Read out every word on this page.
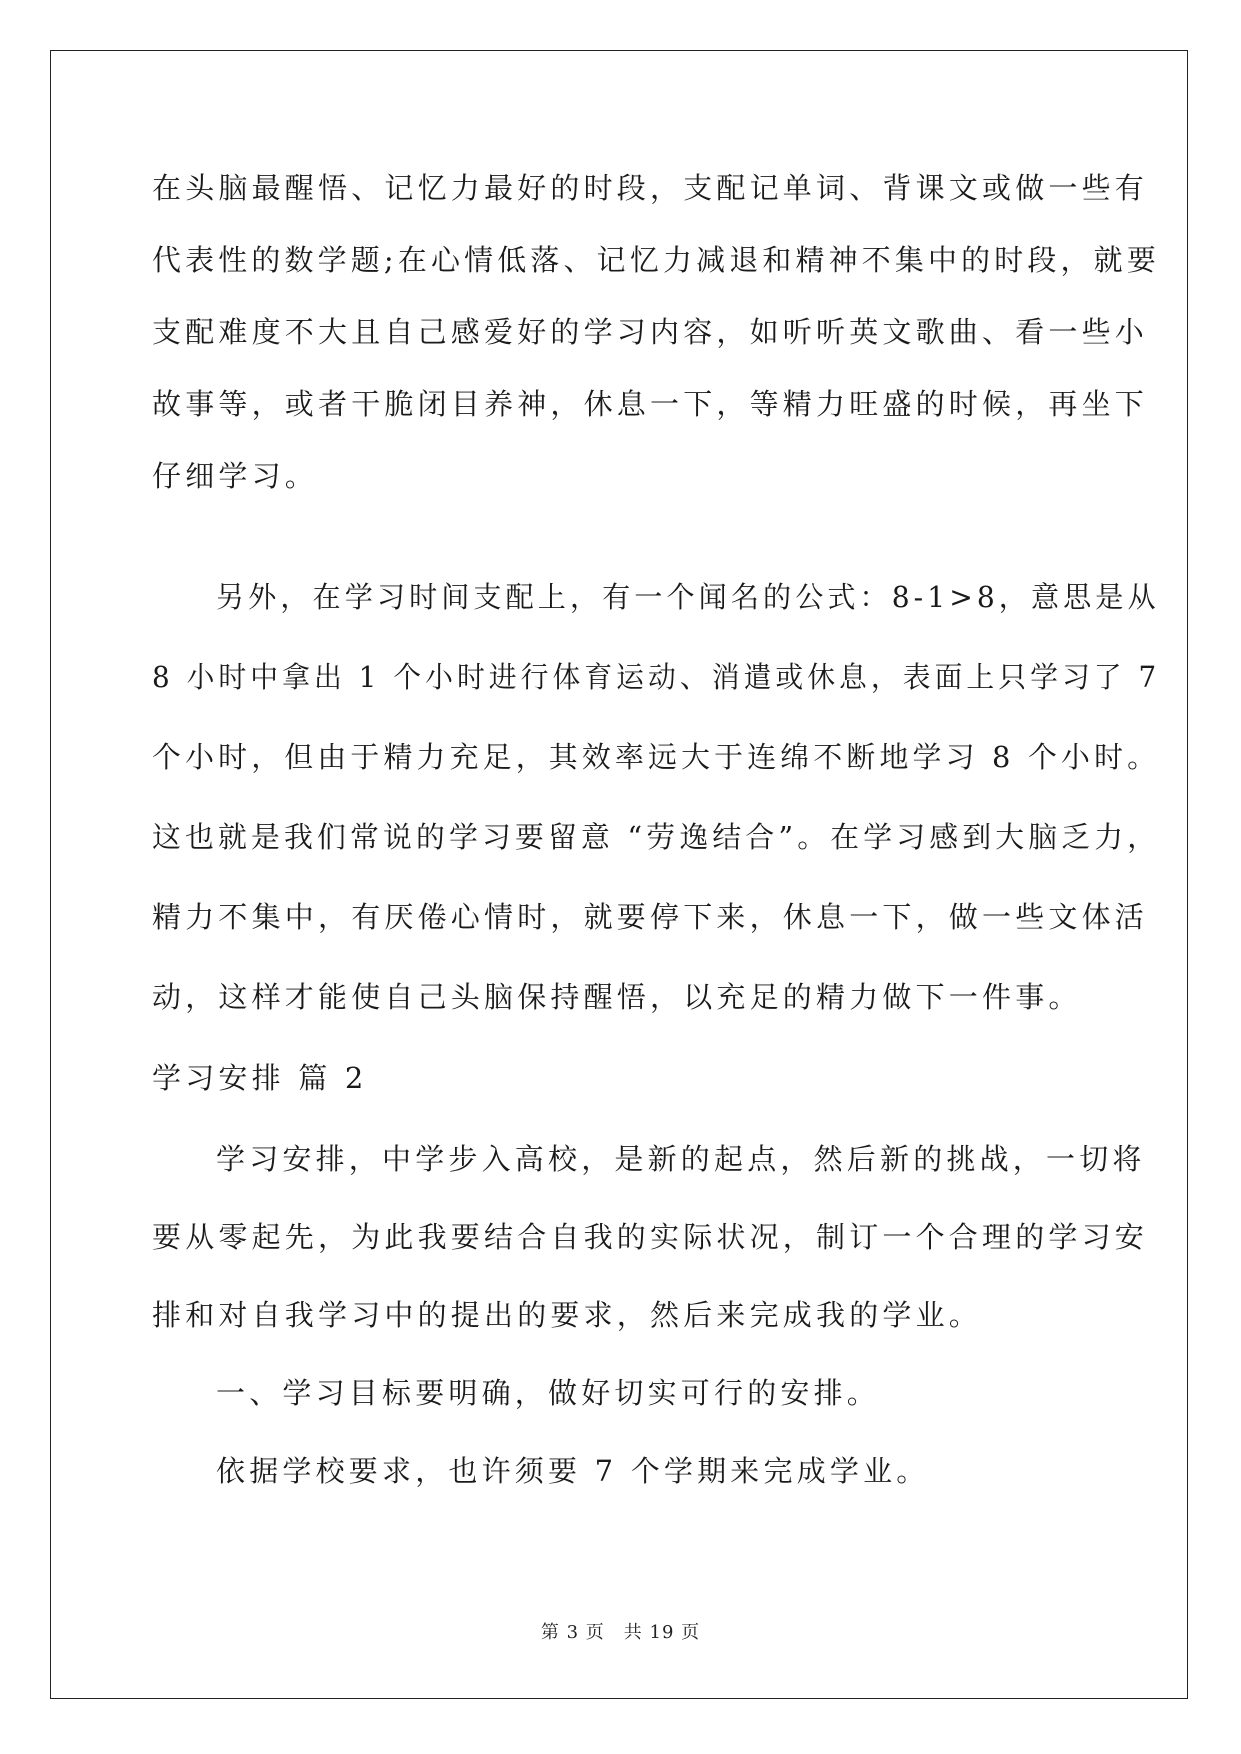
在头脑最醒悟、记忆力最好的时段，支配记单词、背课文或做一些有
代表性的数学题;在心情低落、记忆力减退和精神不集中的时段，就要
支配难度不大且自己感爱好的学习内容，如听听英文歌曲、看一些小
故事等，或者干脆闭目养神，休息一下，等精力旺盛的时候，再坐下
仔细学习。
另外，在学习时间支配上，有一个闻名的公式：8-1>8，意思是从
8 小时中拿出 1 个小时进行体育运动、消遣或休息，表面上只学习了 7
个小时，但由于精力充足，其效率远大于连绵不断地学习 8 个小时。
这也就是我们常说的学习要留意 “劳逸结合”。在学习感到大脑乏力，
精力不集中，有厌倦心情时，就要停下来，休息一下，做一些文体活
动，这样才能使自己头脑保持醒悟，以充足的精力做下一件事。
学习安排 篇 2
学习安排，中学步入高校，是新的起点，然后新的挑战，一切将
要从零起先，为此我要结合自我的实际状况，制订一个合理的学习安
排和对自我学习中的提出的要求，然后来完成我的学业。
一、学习目标要明确，做好切实可行的安排。
依据学校要求，也许须要 7 个学期来完成学业。
第 3 页　共 19 页
